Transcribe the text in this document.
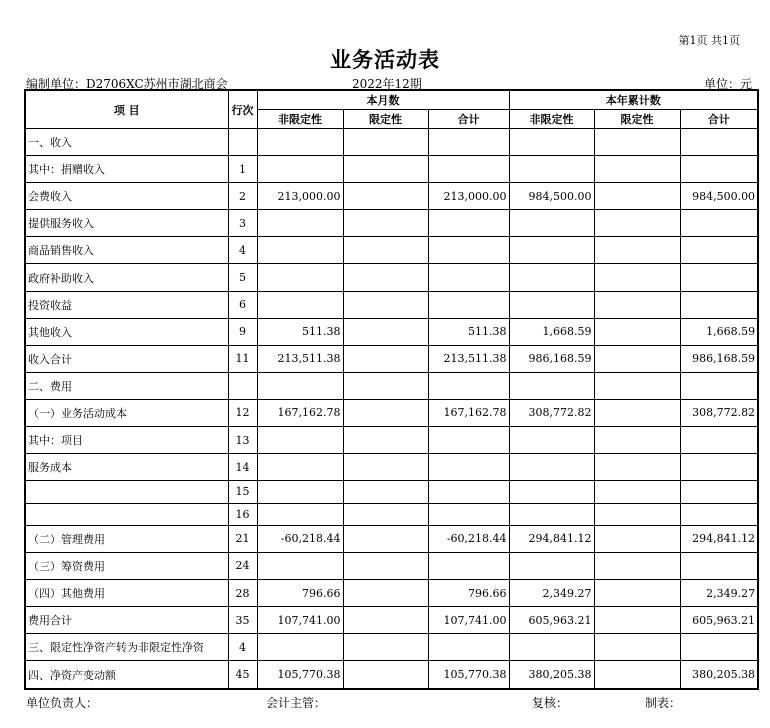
第1页 共1页
业务活动表
编制单位：D2706XC苏州市湖北商会	2022年12期	单位：元
项 目	行次	本月数			本年累计数		
		非限定性	限定性	合计	非限定性	限定性	合计
一、收入							
其中：捐赠收入	1						
会费收入	2	213,000.00		213,000.00	984,500.00		984,500.00
提供服务收入	3						
商品销售收入	4						
政府补助收入	5						
投资收益	6						
其他收入	9	511.38		511.38	1,668.59		1,668.59
收入合计	11	213,511.38		213,511.38	986,168.59		986,168.59
二、费用							
（一）业务活动成本	12	167,162.78		167,162.78	308,772.82		308,772.82
其中：项目	13						
服务成本	14						
	15						
	16						
（二）管理费用	21	-60,218.44		-60,218.44	294,841.12		294,841.12
（三）筹资费用	24						
（四）其他费用	28	796.66		796.66	2,349.27		2,349.27
费用合计	35	107,741.00		107,741.00	605,963.21		605,963.21
三、限定性净资产转为非限定性净资	4						
四、净资产变动额	45	105,770.38		105,770.38	380,205.38		380,205.38
单位负责人：	会计主管：	复核：	制表：
